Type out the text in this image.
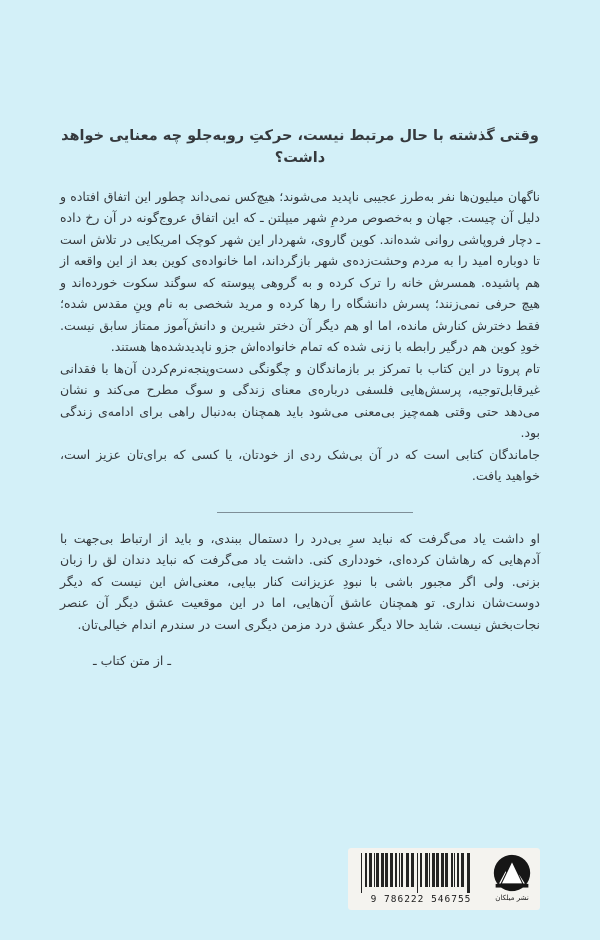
وقتی گذشته با حال مرتبط نیست، حرکتِ روبه‌جلو چه معنایی خواهد داشت؟

ناگهان میلیون‌ها نفر به‌طرز عجیبی ناپدید می‌شوند؛ هیچ‌کس نمی‌داند چطور این اتفاق افتاده و دلیل آن چیست. جهان و به‌خصوص مردمِ شهر میپلتن ـ که این اتفاق عروج‌گونه در آن رخ داده ـ دچار فروپاشی روانی شده‌اند. کوین گاروی، شهردار این شهر کوچک امریکایی در تلاش است تا دوباره امید را به مردم وحشت‌زده‌ی شهر بازگرداند، اما خانواده‌ی کوین بعد از این واقعه از هم پاشیده. همسرش خانه را ترک کرده و به گروهی پیوسته که سوگند سکوت خورده‌اند و هیچ حرفی نمی‌زنند؛ پسرش دانشگاه را رها کرده و مرید شخصی به نام وینِ مقدس شده؛ فقط دخترش کنارش مانده، اما او هم دیگر آن دختر شیرین و دانش‌آموز ممتاز سابق نیست. خودِ کوین هم درگیر رابطه با زنی شده که تمام خانواده‌اش جزو ناپدیدشده‌ها هستند.

تام پروتا در این کتاب با تمرکز بر بازماندگان و چگونگی دست‌وپنجه‌نرم‌کردن آن‌ها با فقدانی غیرقابل‌توجیه، پرسش‌هایی فلسفی درباره‌ی معنای زندگی و سوگ مطرح می‌کند و نشان می‌دهد حتی وقتی همه‌چیز بی‌معنی می‌شود باید همچنان به‌دنبال راهی برای ادامه‌ی زندگی بود.

جاماندگان کتابی است که در آن بی‌شک ردی از خودتان، یا کسی که برای‌تان عزیز است، خواهید یافت.

او داشت یاد می‌گرفت که نباید سرِ بی‌درد را دستمال ببندی، و باید از ارتباط بی‌جهت با آدم‌هایی که رهاشان کرده‌ای، خودداری کنی. داشت یاد می‌گرفت که نباید دندان لق را زبان بزنی. ولی اگر مجبور باشی با نبودِ عزیزانت کنار بیایی، معنی‌اش این نیست که دیگر دوست‌شان نداری. تو همچنان عاشق آن‌هایی، اما در این موقعیت عشق دیگر آن عنصر نجات‌بخش نیست. شاید حالا دیگر عشق درد مزمن دیگری است در سندرم اندام خیالی‌تان.

ـ از متن کتاب ـ
9 786222 546755	نشر میلکان
